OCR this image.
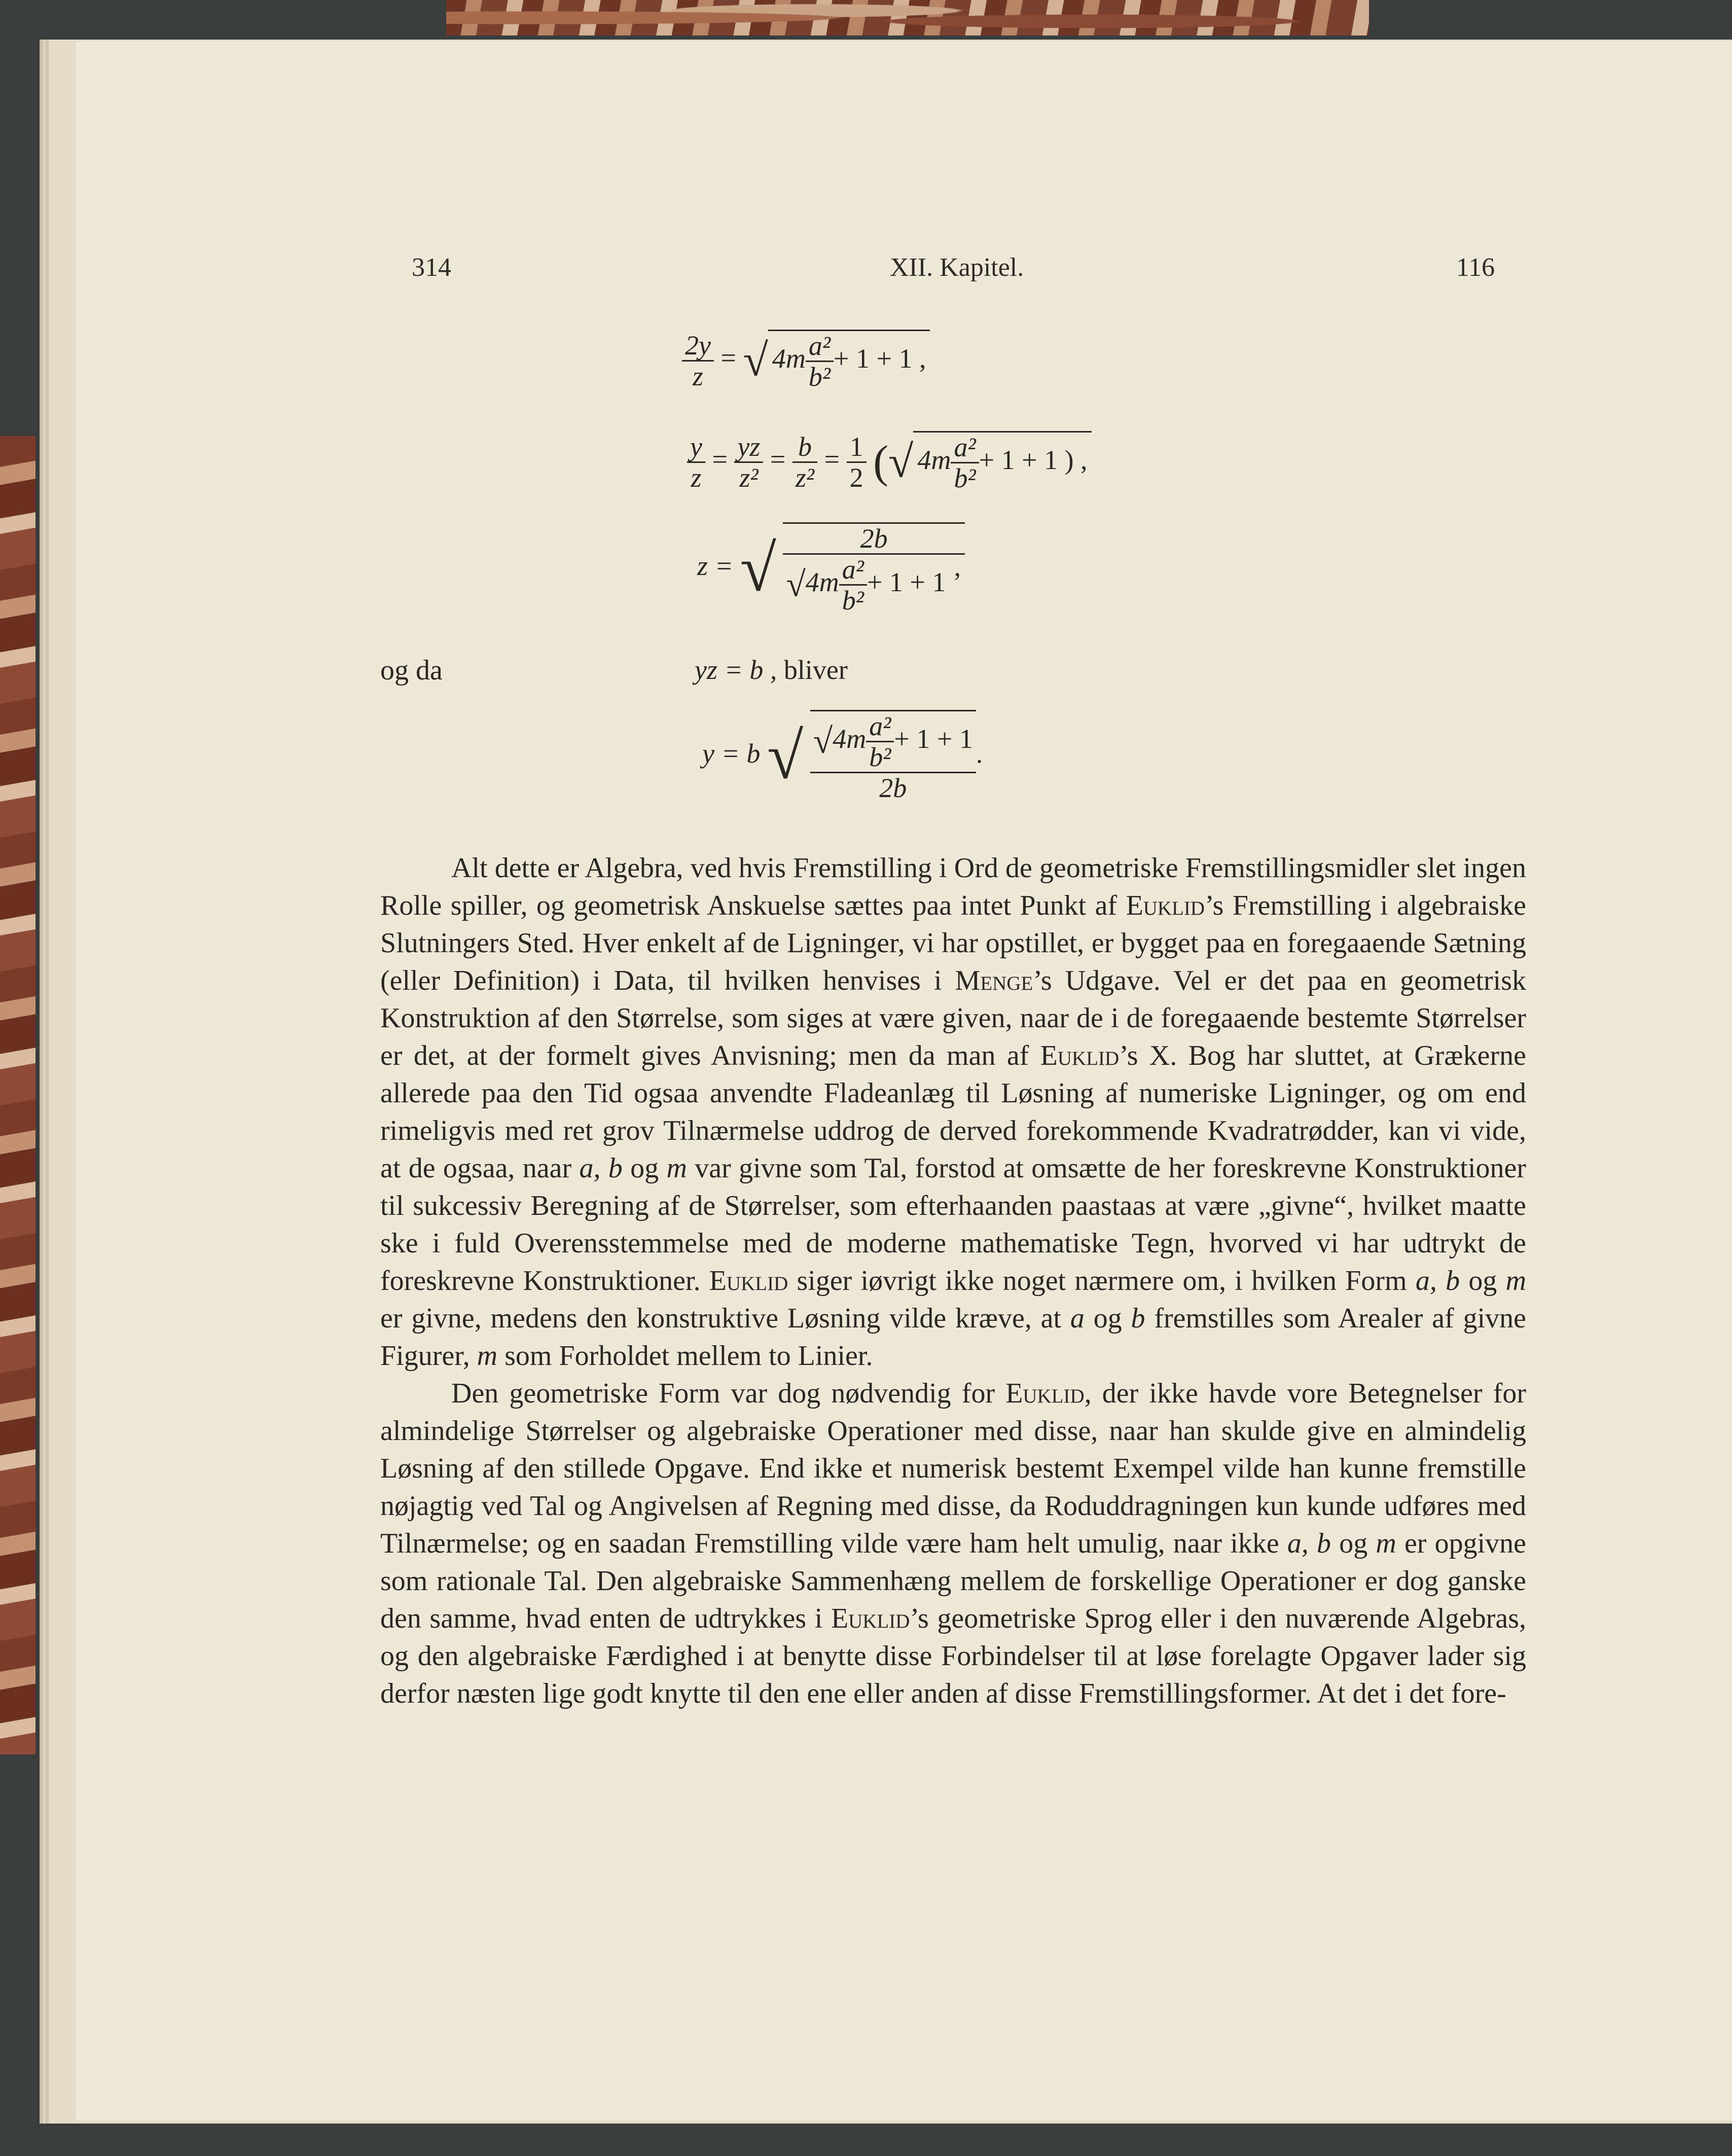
314	XII. Kapitel.	116
$\frac{2y}{z}$ = √ $4m \frac{\text{a²}}{\text{b²}} + 1 + 1$ ,
$\frac{y}{z} = \frac{yz}{\text{z²}} = \frac{b}{\text{z²}} = \frac{1}{2}$ (√ $4m \frac{\text{a²}}{\text{b²}} + 1 + 1$ ) ,
z = √ $\frac{2b}{√4m \frac{\text{a²}}{\text{b²}} + 1 + 1 ’}$
og da	yz = b , bliver
y = b √ $\frac{√4m \frac{\text{a²}}{\text{b²}} + 1 + 1}{2b}$ .

Alt dette er Algebra, ved hvis Fremstilling i Ord de geometriske Fremstillingsmidler slet ingen Rolle spiller, og geometrisk Anskuelse sættes paa intet Punkt af Euklid’s Fremstilling i algebraiske Slutningers Sted. Hver enkelt af de Ligninger, vi har opstillet, er bygget paa en foregaaende Sætning (eller Definition) i Data, til hvilken henvises i Menge’s Udgave. Vel er det paa en geometrisk Konstruktion af den Størrelse, som siges at være given, naar de i de foregaaende bestemte Størrelser er det, at der formelt gives Anvisning; men da man af Euklid’s X. Bog har sluttet, at Grækerne allerede paa den Tid ogsaa anvendte Fladeanlæg til Løsning af numeriske Ligninger, og om end rimeligvis med ret grov Tilnærmelse uddrog de derved forekommende Kvadratrødder, kan vi vide, at de ogsaa, naar a, b og m var givne som Tal, forstod at omsætte de her foreskrevne Konstruktioner til sukcessiv Beregning af de Størrelser, som efterhaanden paastaas at være „givne“, hvilket maatte ske i fuld Overensstemmelse med de moderne mathematiske Tegn, hvorved vi har udtrykt de foreskrevne Konstruktioner. Euklid siger iøvrigt ikke noget nærmere om, i hvilken Form a, b og m er givne, medens den konstruktive Løsning vilde kræve, at a og b fremstilles som Arealer af givne Figurer, m som Forholdet mellem to Linier.

Den geometriske Form var dog nødvendig for Euklid, der ikke havde vore Betegnelser for almindelige Størrelser og algebraiske Operationer med disse, naar han skulde give en almindelig Løsning af den stillede Opgave. End ikke et numerisk bestemt Exempel vilde han kunne fremstille nøjagtig ved Tal og Angivelsen af Regning med disse, da Roduddragningen kun kunde udføres med Tilnærmelse; og en saadan Fremstilling vilde være ham helt umulig, naar ikke a, b og m er opgivne som rationale Tal. Den algebraiske Sammenhæng mellem de forskellige Operationer er dog ganske den samme, hvad enten de udtrykkes i Euklid’s geometriske Sprog eller i den nuværende Algebras, og den algebraiske Færdighed i at benytte disse Forbindelser til at løse forelagte Opgaver lader sig derfor næsten lige godt knytte til den ene eller anden af disse Fremstillingsformer. At det i det fore-
